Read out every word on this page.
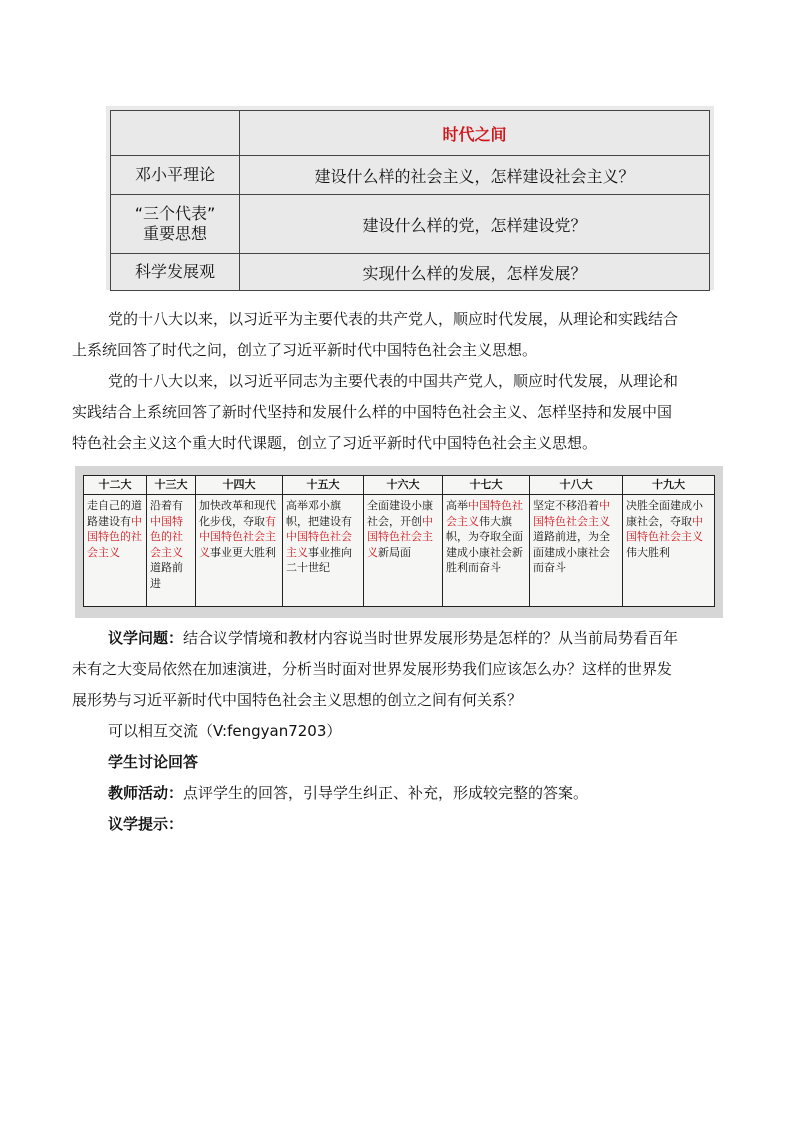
	时代之间
邓小平理论	建设什么样的社会主义，怎样建设社会主义？

“三个代表”
重要思想	建设什么样的党，怎样建设党？
科学发展观	实现什么样的发展，怎样发展？
党的十八大以来，以习近平为主要代表的共产党人，顺应时代发展，从理论和实践结合
上系统回答了时代之问，创立了习近平新时代中国特色社会主义思想。
党的十八大以来，以习近平同志为主要代表的中国共产党人，顺应时代发展，从理论和
实践结合上系统回答了新时代坚持和发展什么样的中国特色社会主义、怎样坚持和发展中国
特色社会主义这个重大时代课题，创立了习近平新时代中国特色社会主义思想。
十二大	十三大	十四大	十五大	十六大	十七大	十八大	十九大
走自己的道路建设有中国特色的社会主义	沿着有中国特色的社会主义道路前进	加快改革和现代化步伐，夺取有中国特色社会主义事业更大胜利	高举邓小旗帜，把建设有中国特色社会主义事业推向二十世纪	全面建设小康社会，开创中国特色社会主义新局面	高举中国特色社会主义伟大旗帜，为夺取全面建成小康社会新胜利而奋斗	坚定不移沿着中国特色社会主义道路前进，为全面建成小康社会而奋斗	决胜全面建成小康社会，夺取中国特色社会主义伟大胜利
议学问题：结合议学情境和教材内容说当时世界发展形势是怎样的？从当前局势看百年
未有之大变局依然在加速演进，分析当时面对世界发展形势我们应该怎么办？这样的世界发
展形势与习近平新时代中国特色社会主义思想的创立之间有何关系？
可以相互交流（V:fengyan7203）
学生讨论回答
教师活动：点评学生的回答，引导学生纠正、补充，形成较完整的答案。
议学提示：
